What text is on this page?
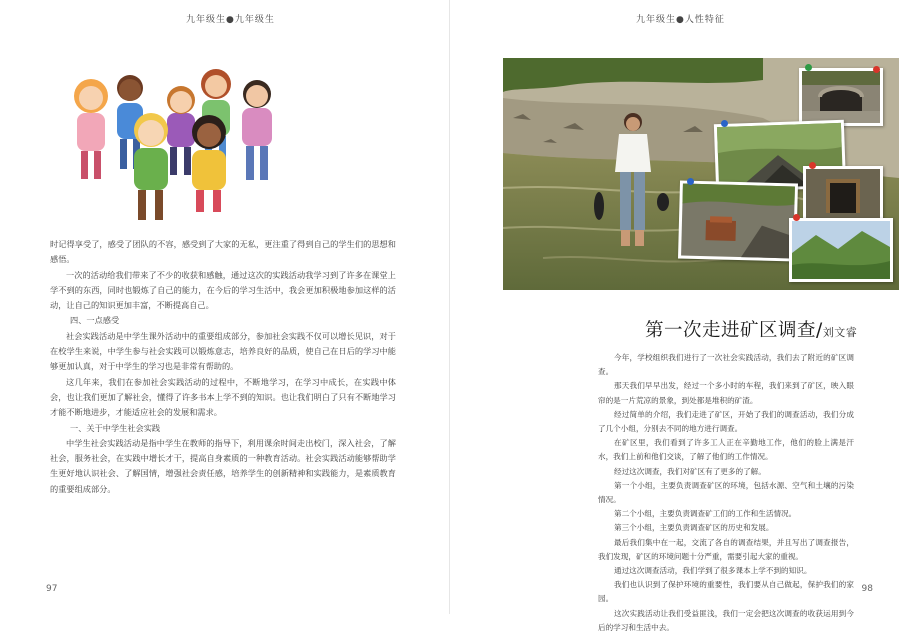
九年级生●九年级生

时记得享受了，感受了团队的不容，感受到了大家的无私，更注重了得到自己的学生们的思想和感悟。

一次的活动给我们带来了不少的收获和感触，通过这次的实践活动我学习到了许多在课堂上学不到的东西，同时也锻炼了自己的能力，在今后的学习生活中，我会更加积极地参加这样的活动，让自己的知识更加丰富，不断提高自己。

四、一点感受

社会实践活动是中学生课外活动中的重要组成部分，参加社会实践不仅可以增长见识，对于在校学生来说，中学生参与社会实践可以锻炼意志，培养良好的品质，使自己在日后的学习中能够更加认真，对于中学生的学习也是非常有帮助的。

这几年来，我们在参加社会实践活动的过程中，不断地学习，在学习中成长，在实践中体会，也让我们更加了解社会，懂得了许多书本上学不到的知识。也让我们明白了只有不断地学习才能不断地进步，才能适应社会的发展和需求。

一、关于中学生社会实践

中学生社会实践活动是指中学生在教师的指导下，利用课余时间走出校门，深入社会，了解社会，服务社会，在实践中增长才干，提高自身素质的一种教育活动。社会实践活动能够帮助学生更好地认识社会、了解国情，增强社会责任感，培养学生的创新精神和实践能力，是素质教育的重要组成部分。

97
九年级生●人性特征
第一次走进矿区调查/刘文睿

今年，学校组织我们进行了一次社会实践活动，我们去了附近的矿区调查。

那天我们早早出发，经过一个多小时的车程，我们来到了矿区，映入眼帘的是一片荒凉的景象，到处都是堆积的矿渣。

经过简单的介绍，我们走进了矿区，开始了我们的调查活动，我们分成了几个小组，分别去不同的地方进行调查。

在矿区里，我们看到了许多工人正在辛勤地工作，他们的脸上满是汗水，我们上前和他们交谈，了解了他们的工作情况。

经过这次调查，我们对矿区有了更多的了解。

第一个小组，主要负责调查矿区的环境，包括水源、空气和土壤的污染情况。

第二个小组，主要负责调查矿工们的工作和生活情况。

第三个小组，主要负责调查矿区的历史和发展。

最后我们集中在一起，交流了各自的调查结果，并且写出了调查报告，我们发现，矿区的环境问题十分严重，需要引起大家的重视。

通过这次调查活动，我们学到了很多课本上学不到的知识。

我们也认识到了保护环境的重要性，我们要从自己做起，保护我们的家园。

这次实践活动让我们受益匪浅，我们一定会把这次调查的收获运用到今后的学习和生活中去。

98
